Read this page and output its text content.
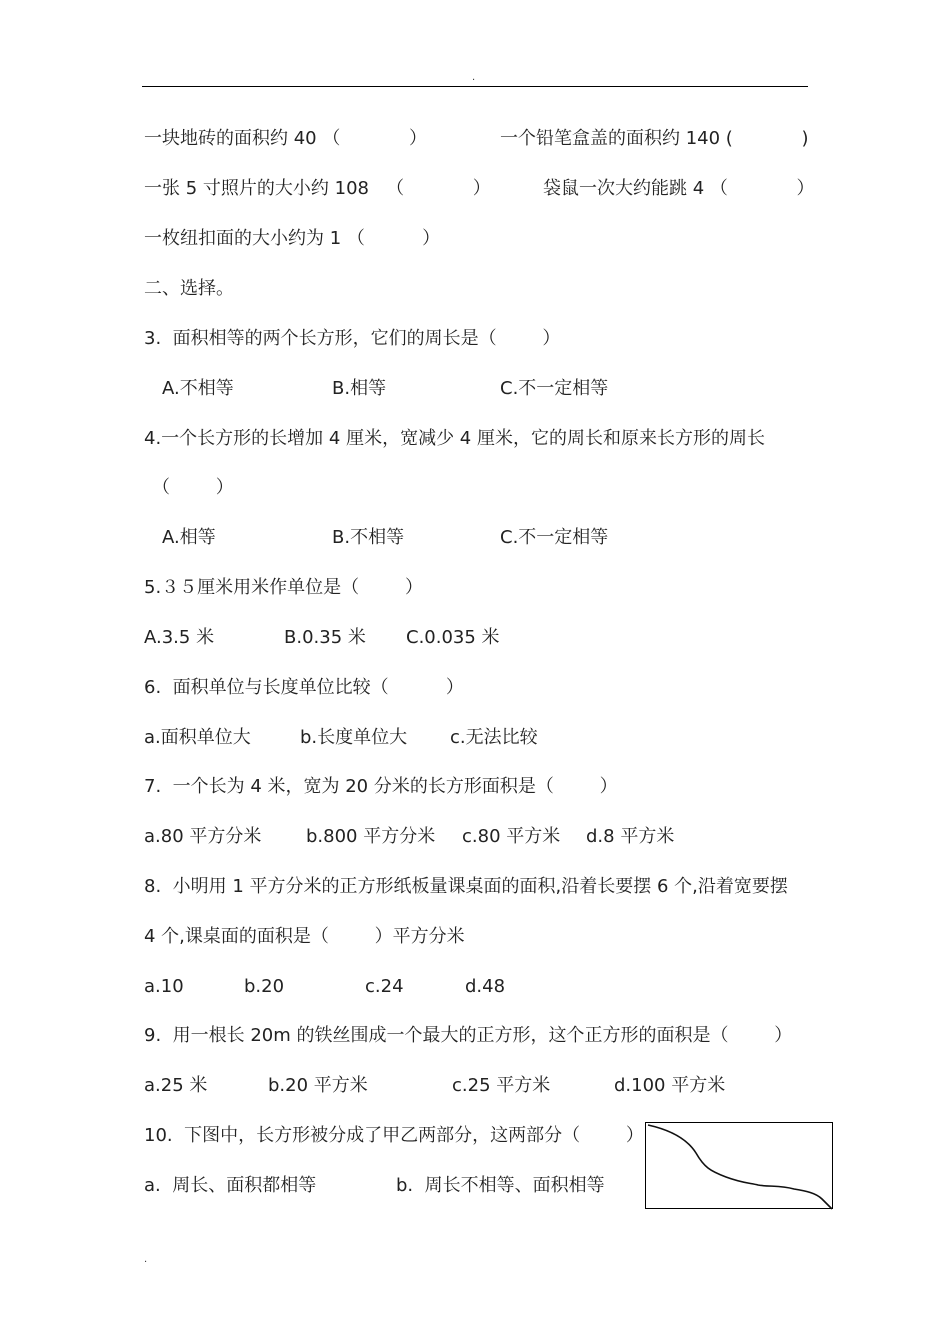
.
一块地砖的面积约 40 （            ）	一个铅笔盒盖的面积约 140 (            )
一张 5 寸照片的大小约 108   （            ）	袋鼠一次大约能跳 4 （            ）
一枚纽扣面的大小约为 1 （          ）
二、选择。
3.  面积相等的两个长方形，它们的周长是（        ）
A.不相等	B.相等	C.不一定相等
4.一个长方形的长增加 4 厘米，宽减少 4 厘米，它的周长和原来长方形的周长
（        ）
A.相等	B.不相等	C.不一定相等
5.３５厘米用米作单位是（        ）
A.3.5 米	B.0.35 米 C.0.035 米
6.  面积单位与长度单位比较（          ）
a.面积单位大	b.长度单位大 c.无法比较
7.  一个长为 4 米，宽为 20 分米的长方形面积是（        ）
a.80 平方分米 b.800 平方分米 c.80 平方米 d.8 平方米
8.  小明用 1 平方分米的正方形纸板量课桌面的面积,沿着长要摆 6 个,沿着宽要摆
4 个,课桌面的面积是（        ）平方分米
a.10	b.20	c.24	d.48
9.  用一根长 20m 的铁丝围成一个最大的正方形，这个正方形的面积是（        ）
a.25 米	b.20 平方米	c.25 平方米	d.100 平方米
10.  下图中，长方形被分成了甲乙两部分，这两部分（        ）
a.  周长、面积都相等	b.  周长不相等、面积相等
.
